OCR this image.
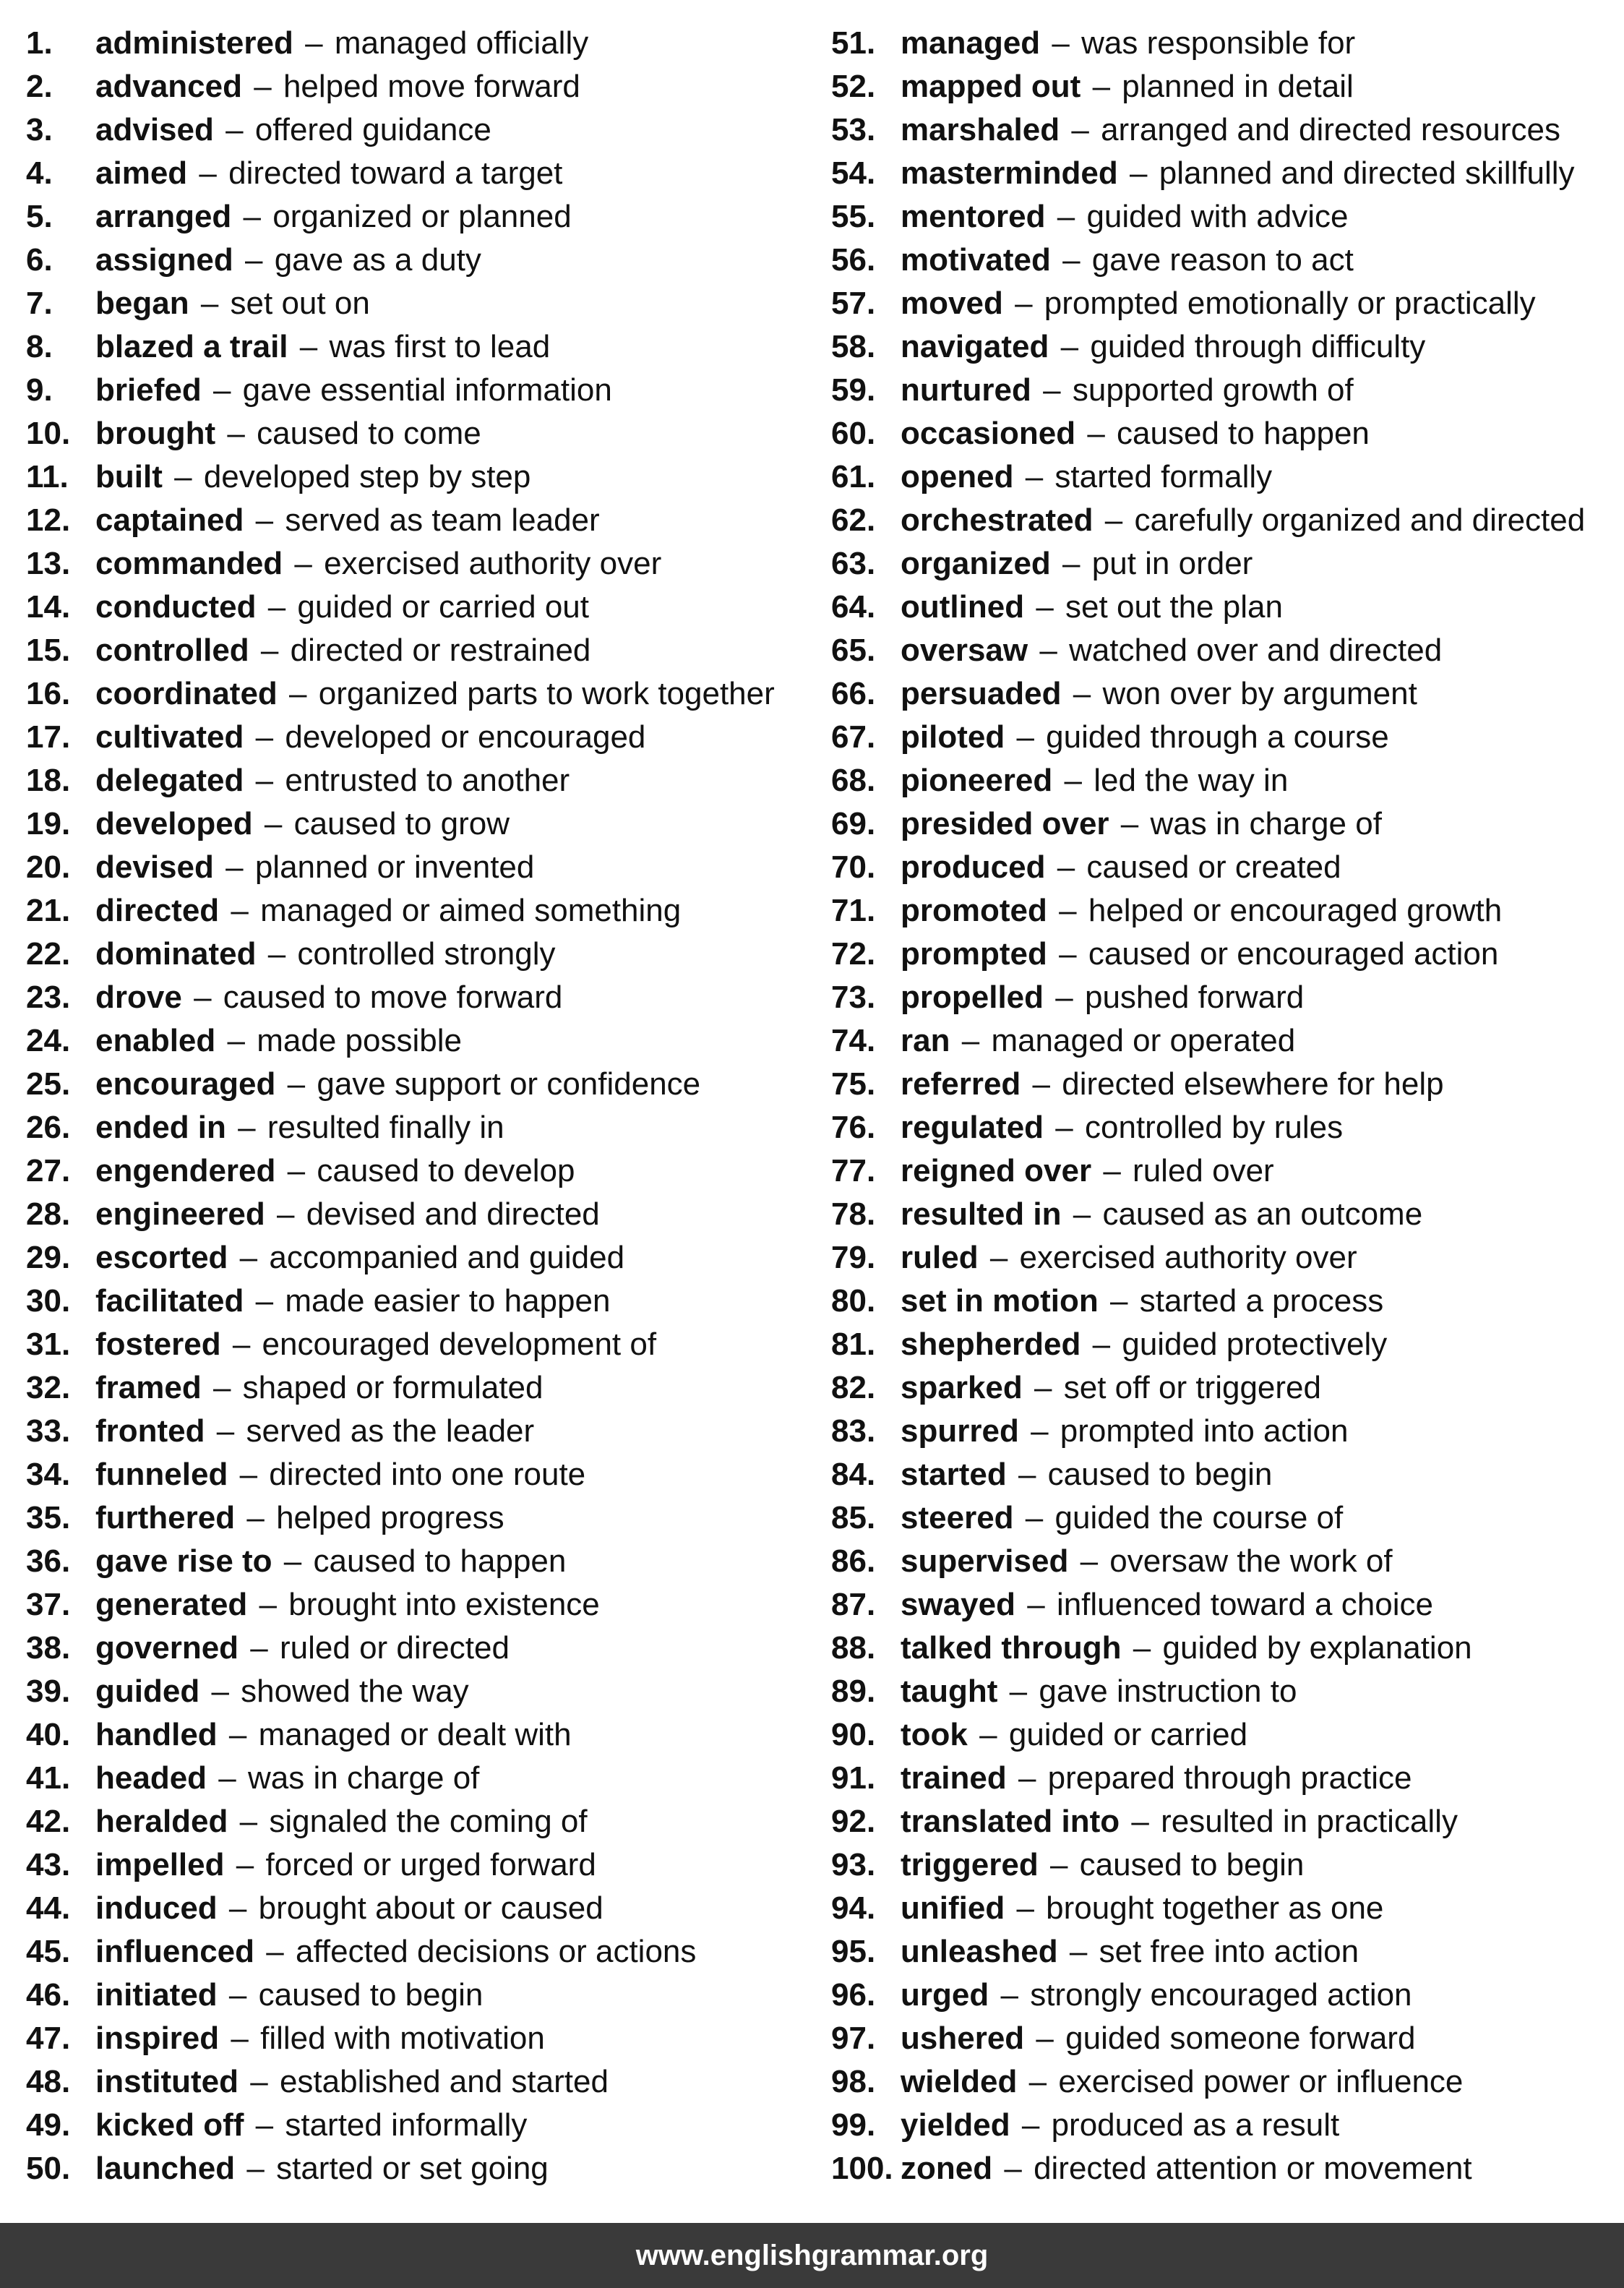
1. administered – managed officially
2. advanced – helped move forward
3. advised – offered guidance
4. aimed – directed toward a target
5. arranged – organized or planned
6. assigned – gave as a duty
7. began – set out on
8. blazed a trail – was first to lead
9. briefed – gave essential information
10. brought – caused to come
11. built – developed step by step
12. captained – served as team leader
13. commanded – exercised authority over
14. conducted – guided or carried out
15. controlled – directed or restrained
16. coordinated – organized parts to work together
17. cultivated – developed or encouraged
18. delegated – entrusted to another
19. developed – caused to grow
20. devised – planned or invented
21. directed – managed or aimed something
22. dominated – controlled strongly
23. drove – caused to move forward
24. enabled – made possible
25. encouraged – gave support or confidence
26. ended in – resulted finally in
27. engendered – caused to develop
28. engineered – devised and directed
29. escorted – accompanied and guided
30. facilitated – made easier to happen
31. fostered – encouraged development of
32. framed – shaped or formulated
33. fronted – served as the leader
34. funneled – directed into one route
35. furthered – helped progress
36. gave rise to – caused to happen
37. generated – brought into existence
38. governed – ruled or directed
39. guided – showed the way
40. handled – managed or dealt with
41. headed – was in charge of
42. heralded – signaled the coming of
43. impelled – forced or urged forward
44. induced – brought about or caused
45. influenced – affected decisions or actions
46. initiated – caused to begin
47. inspired – filled with motivation
48. instituted – established and started
49. kicked off – started informally
50. launched – started or set going
51. managed – was responsible for
52. mapped out – planned in detail
53. marshaled – arranged and directed resources
54. masterminded – planned and directed skillfully
55. mentored – guided with advice
56. motivated – gave reason to act
57. moved – prompted emotionally or practically
58. navigated – guided through difficulty
59. nurtured – supported growth of
60. occasioned – caused to happen
61. opened – started formally
62. orchestrated – carefully organized and directed
63. organized – put in order
64. outlined – set out the plan
65. oversaw – watched over and directed
66. persuaded – won over by argument
67. piloted – guided through a course
68. pioneered – led the way in
69. presided over – was in charge of
70. produced – caused or created
71. promoted – helped or encouraged growth
72. prompted – caused or encouraged action
73. propelled – pushed forward
74. ran – managed or operated
75. referred – directed elsewhere for help
76. regulated – controlled by rules
77. reigned over – ruled over
78. resulted in – caused as an outcome
79. ruled – exercised authority over
80. set in motion – started a process
81. shepherded – guided protectively
82. sparked – set off or triggered
83. spurred – prompted into action
84. started – caused to begin
85. steered – guided the course of
86. supervised – oversaw the work of
87. swayed – influenced toward a choice
88. talked through – guided by explanation
89. taught – gave instruction to
90. took – guided or carried
91. trained – prepared through practice
92. translated into – resulted in practically
93. triggered – caused to begin
94. unified – brought together as one
95. unleashed – set free into action
96. urged – strongly encouraged action
97. ushered – guided someone forward
98. wielded – exercised power or influence
99. yielded – produced as a result
100. zoned – directed attention or movement
www.englishgrammar.org
